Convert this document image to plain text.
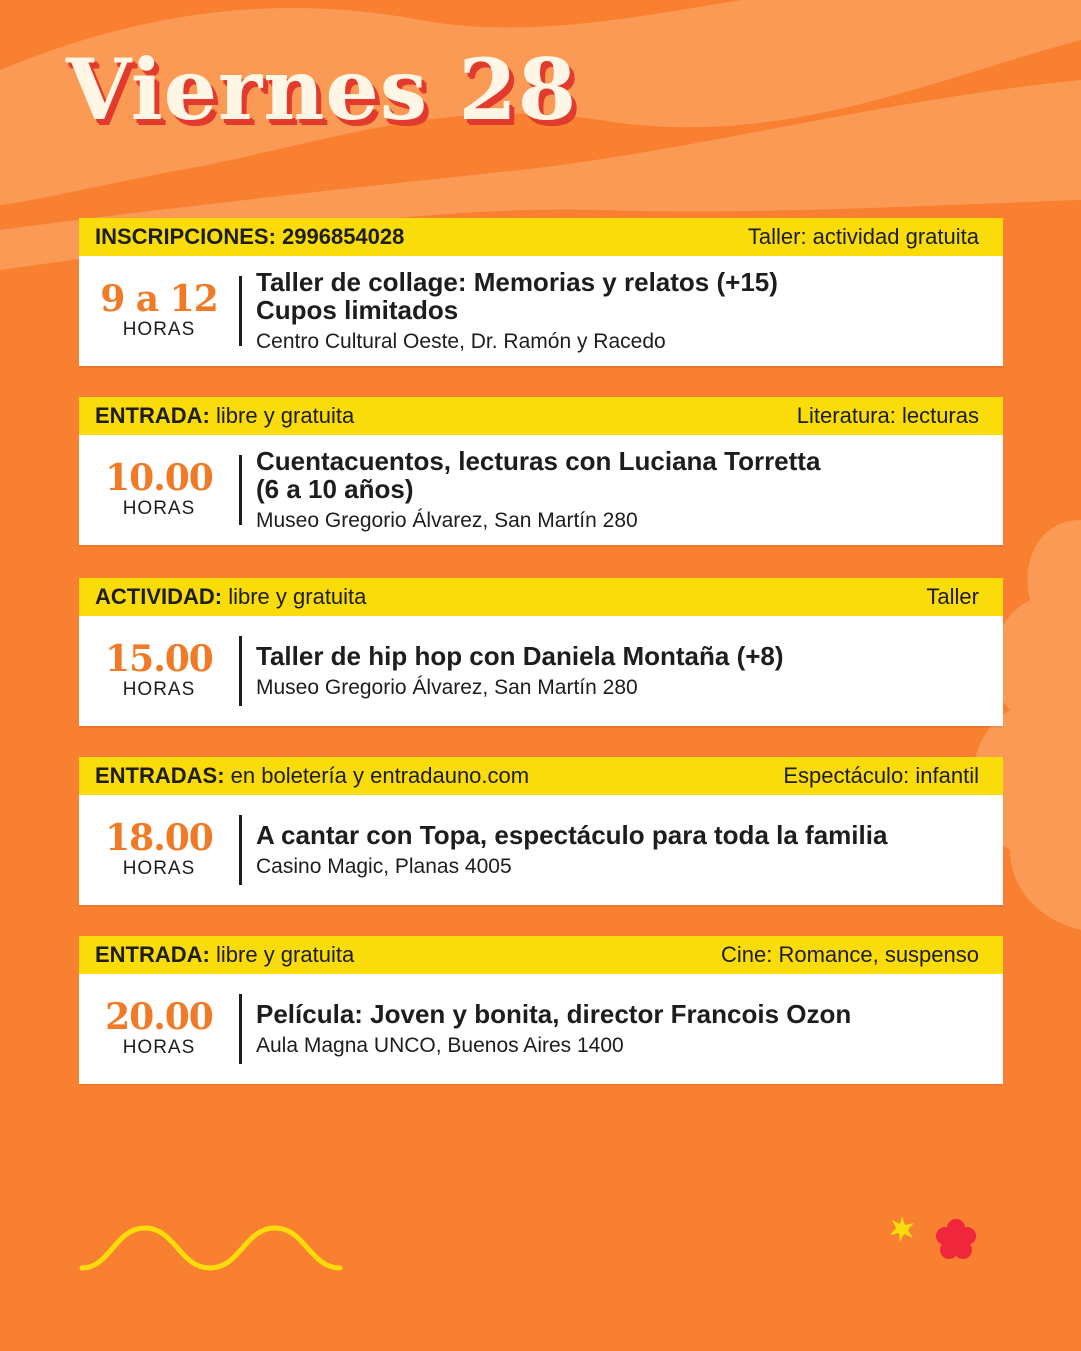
Viernes 28
INSCRIPCIONES: 2996854028	Taller: actividad gratuita
9 a 12
HORAS
Taller de collage: Memorias y relatos (+15)
Cupos limitados
Centro Cultural Oeste, Dr. Ramón y Racedo
ENTRADA: libre y gratuita	Literatura: lecturas
10.00
HORAS
Cuentacuentos, lecturas con Luciana Torretta
(6 a 10 años)
Museo Gregorio Álvarez, San Martín 280
ACTIVIDAD: libre y gratuita	Taller
15.00
HORAS
Taller de hip hop con Daniela Montaña (+8)
Museo Gregorio Álvarez, San Martín 280
ENTRADAS: en boletería y entradauno.com	Espectáculo: infantil
18.00
HORAS
A cantar con Topa, espectáculo para toda la familia
Casino Magic, Planas 4005
ENTRADA: libre y gratuita	Cine: Romance, suspenso
20.00
HORAS
Película: Joven y bonita, director Francois Ozon
Aula Magna UNCO, Buenos Aires 1400
